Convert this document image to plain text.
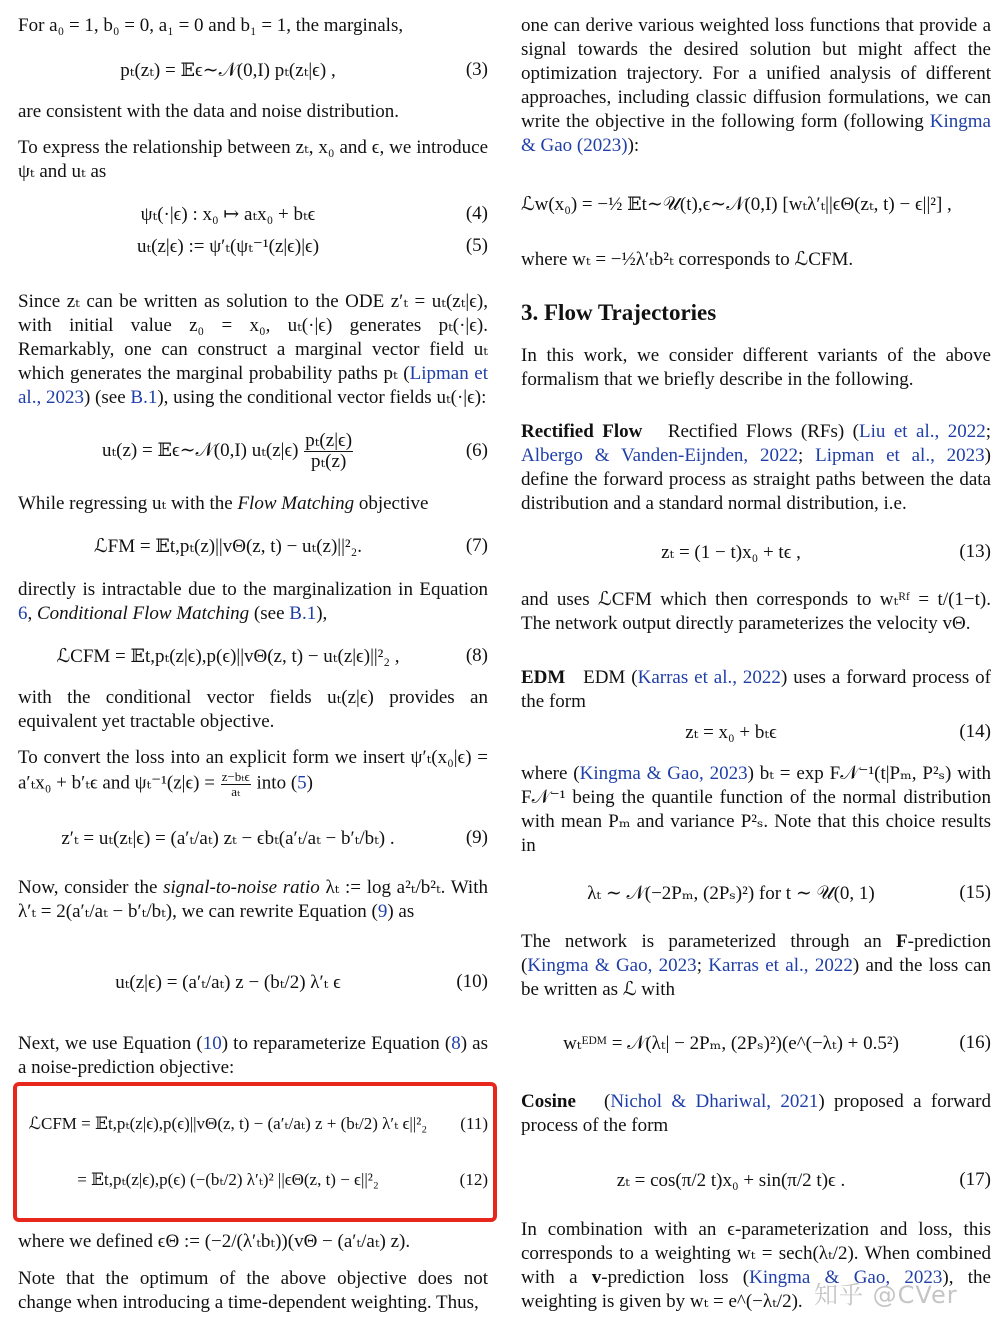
For a₀ = 1, b₀ = 0, a₁ = 0 and b₁ = 1, the marginals,

pₜ(zₜ) = 𝔼ϵ∼𝒩(0,I) pₜ(zₜ|ϵ) ,	(3)

are consistent with the data and noise distribution.

To express the relationship between zₜ, x₀ and ϵ, we introduce ψₜ and uₜ as

ψₜ(·|ϵ) : x₀ ↦ aₜx₀ + bₜϵ	(4)
uₜ(z|ϵ) := ψ′ₜ(ψₜ⁻¹(z|ϵ)|ϵ)	(5)

Since zₜ can be written as solution to the ODE z′ₜ = uₜ(zₜ|ϵ), with initial value z₀ = x₀, uₜ(·|ϵ) generates pₜ(·|ϵ). Remarkably, one can construct a marginal vector field uₜ which generates the marginal probability paths pₜ (Lipman et al., 2023) (see B.1), using the conditional vector fields uₜ(·|ϵ):

uₜ(z) = 𝔼ϵ∼𝒩(0,I) $u_t(z|\epsilon) \frac{\text{pₜ(z|ϵ)}}{\text{pₜ(z)}}$	(6)

While regressing uₜ with the Flow Matching objective

ℒFM = 𝔼t,pₜ(z)||vΘ(z, t) − uₜ(z)||²₂.	(7)

directly is intractable due to the marginalization in Equation 6, Conditional Flow Matching (see B.1),

ℒCFM = 𝔼t,pₜ(z|ϵ),p(ϵ)||vΘ(z, t) − uₜ(z|ϵ)||²₂ ,	(8)

with the conditional vector fields uₜ(z|ϵ) provides an equivalent yet tractable objective.

To convert the loss into an explicit form we insert ψ′ₜ(x₀|ϵ) = a′ₜx₀ + b′ₜϵ and $\psi_t^{-1}(z|\epsilon) = \frac{\text{z−bₜϵ}}{\text{aₜ}}$ into (5)

z′ₜ = uₜ(zₜ|ϵ) = (a′ₜ/aₜ) zₜ − ϵbₜ(a′ₜ/aₜ − b′ₜ/bₜ) .	(9)

Now, consider the signal-to-noise ratio λₜ := log a²ₜ/b²ₜ. With λ′ₜ = 2(a′ₜ/aₜ − b′ₜ/bₜ), we can rewrite Equation (9) as

uₜ(z|ϵ) = (a′ₜ/aₜ) z − (bₜ/2) λ′ₜ ϵ	(10)

Next, we use Equation (10) to reparameterize Equation (8) as a noise-prediction objective:

ℒCFM = 𝔼t,pₜ(z|ϵ),p(ϵ)||vΘ(z, t) − (a′ₜ/aₜ) z + (bₜ/2) λ′ₜ ϵ||²₂	(11)
= 𝔼t,pₜ(z|ϵ),p(ϵ) (−(bₜ/2) λ′ₜ)² ||ϵΘ(z, t) − ϵ||²₂	(12)

where we defined ϵΘ := (−2/(λ′ₜbₜ))(vΘ − (a′ₜ/aₜ) z).

Note that the optimum of the above objective does not change when introducing a time-dependent weighting. Thus,

one can derive various weighted loss functions that provide a signal towards the desired solution but might affect the optimization trajectory. For a unified analysis of different approaches, including classic diffusion formulations, we can write the objective in the following form (following Kingma & Gao (2023)):

ℒw(x₀) = −½ 𝔼t∼𝒰(t),ϵ∼𝒩(0,I) [wₜλ′ₜ||ϵΘ(zₜ, t) − ϵ||²] ,

where wₜ = −½λ′ₜb²ₜ corresponds to ℒCFM.

3. Flow Trajectories

In this work, we consider different variants of the above formalism that we briefly describe in the following.

Rectified Flow Rectified Flows (RFs) (Liu et al., 2022; Albergo & Vanden-Eijnden, 2022; Lipman et al., 2023) define the forward process as straight paths between the data distribution and a standard normal distribution, i.e.

zₜ = (1 − t)x₀ + tϵ ,	(13)

and uses ℒCFM which then corresponds to wₜᴿᶠ = t/(1−t). The network output directly parameterizes the velocity vΘ.

EDM EDM (Karras et al., 2022) uses a forward process of the form

zₜ = x₀ + bₜϵ	(14)

where (Kingma & Gao, 2023) bₜ = exp F𝒩⁻¹(t|Pₘ, P²ₛ) with F𝒩⁻¹ being the quantile function of the normal distribution with mean Pₘ and variance P²ₛ. Note that this choice results in

λₜ ∼ 𝒩(−2Pₘ, (2Pₛ)²) for t ∼ 𝒰(0, 1)	(15)

The network is parameterized through an F-prediction (Kingma & Gao, 2023; Karras et al., 2022) and the loss can be written as ℒ with

wₜᴱᴰᴹ = 𝒩(λₜ| − 2Pₘ, (2Pₛ)²)(e^(−λₜ) + 0.5²)	(16)

Cosine (Nichol & Dhariwal, 2021) proposed a forward process of the form

zₜ = cos(π/2 t)x₀ + sin(π/2 t)ϵ .	(17)

In combination with an ϵ-parameterization and loss, this corresponds to a weighting wₜ = sech(λₜ/2). When combined with a v-prediction loss (Kingma & Gao, 2023), the weighting is given by wₜ = e^(−λₜ/2). 知乎 @CVer
